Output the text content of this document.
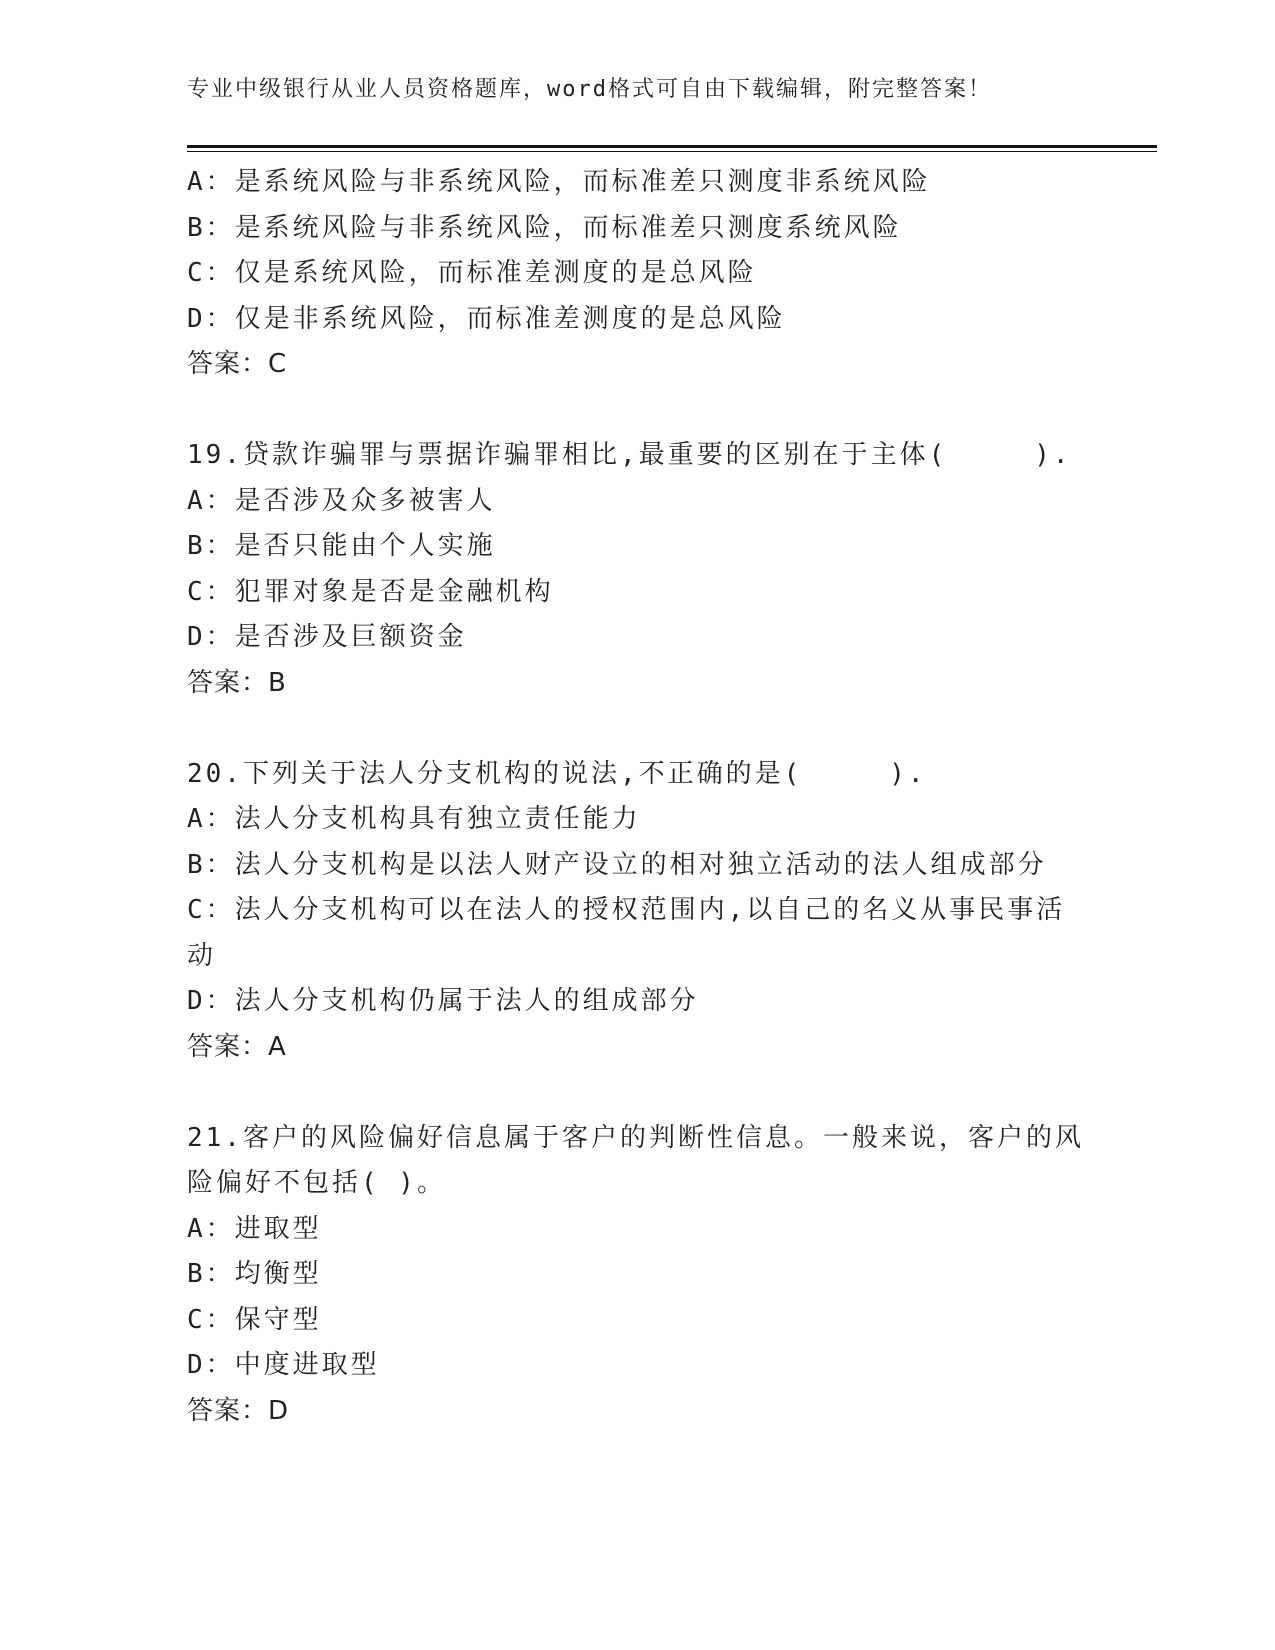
专业中级银行从业人员资格题库，word格式可自由下载编辑，附完整答案！
A：是系统风险与非系统风险，而标准差只测度非系统风险
B：是系统风险与非系统风险，而标准差只测度系统风险
C：仅是系统风险，而标准差测度的是总风险
D：仅是非系统风险，而标准差测度的是总风险
答案：C
19.贷款诈骗罪与票据诈骗罪相比,最重要的区别在于主体(　　　).
A：是否涉及众多被害人
B：是否只能由个人实施
C：犯罪对象是否是金融机构
D：是否涉及巨额资金
答案：B
20.下列关于法人分支机构的说法,不正确的是(　　　).
A：法人分支机构具有独立责任能力
B：法人分支机构是以法人财产设立的相对独立活动的法人组成部分
C：法人分支机构可以在法人的授权范围内,以自己的名义从事民事活
动
D：法人分支机构仍属于法人的组成部分
答案：A
21.客户的风险偏好信息属于客户的判断性信息。一般来说，客户的风
险偏好不包括( )。
A：进取型
B：均衡型
C：保守型
D：中度进取型
答案：D
